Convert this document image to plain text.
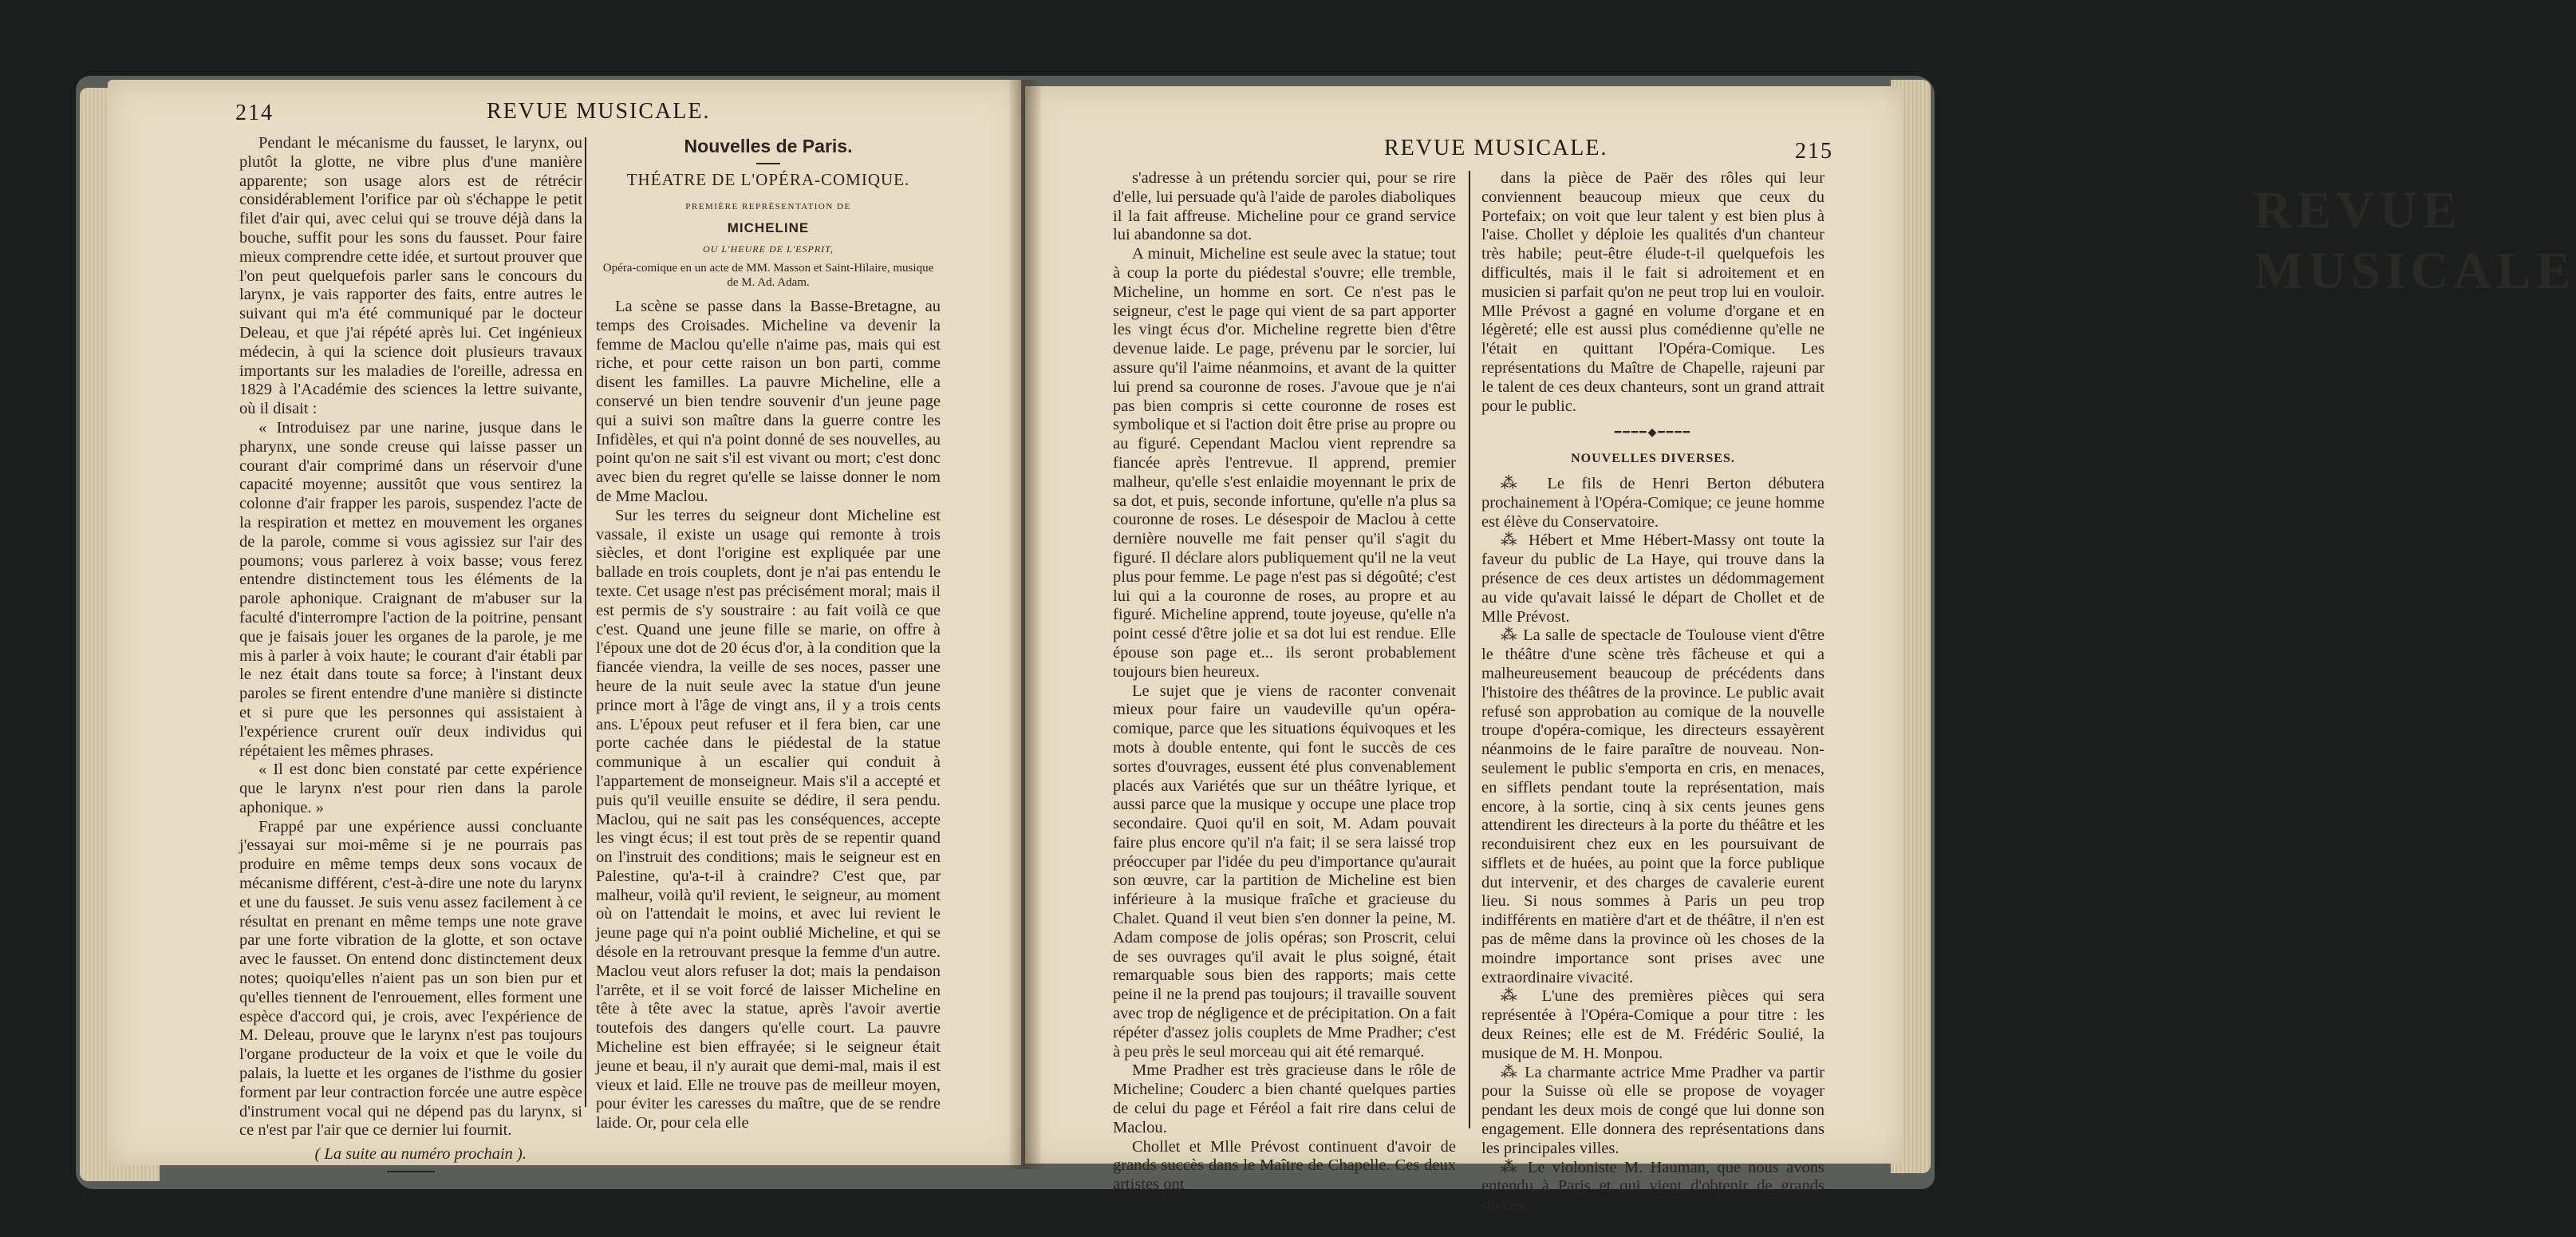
214	REVUE MUSICALE.

Pendant le mécanisme du fausset, le larynx, ou plutôt la glotte, ne vibre plus d'une manière apparente; son usage alors est de rétrécir considérablement l'orifice par où s'échappe le petit filet d'air qui, avec celui qui se trouve déjà dans la bouche, suffit pour les sons du fausset. Pour faire mieux comprendre cette idée, et surtout prouver que l'on peut quelquefois parler sans le concours du larynx, je vais rapporter des faits, entre autres le suivant qui m'a été communiqué par le docteur Deleau, et que j'ai répété après lui. Cet ingénieux médecin, à qui la science doit plusieurs travaux importants sur les maladies de l'oreille, adressa en 1829 à l'Académie des sciences la lettre suivante, où il disait :

« Introduisez par une narine, jusque dans le pharynx, une sonde creuse qui laisse passer un courant d'air comprimé dans un réservoir d'une capacité moyenne; aussitôt que vous sentirez la colonne d'air frapper les parois, suspendez l'acte de la respiration et mettez en mouvement les organes de la parole, comme si vous agissiez sur l'air des poumons; vous parlerez à voix basse; vous ferez entendre distinctement tous les éléments de la parole aphonique. Craignant de m'abuser sur la faculté d'interrompre l'action de la poitrine, pensant que je faisais jouer les organes de la parole, je me mis à parler à voix haute; le courant d'air établi par le nez était dans toute sa force; à l'instant deux paroles se firent entendre d'une manière si distincte et si pure que les personnes qui assistaient à l'expérience crurent ouïr deux individus qui répétaient les mêmes phrases.

« Il est donc bien constaté par cette expérience que le larynx n'est pour rien dans la parole aphonique. »

Frappé par une expérience aussi concluante j'essayai sur moi-même si je ne pourrais pas produire en même temps deux sons vocaux de mécanisme différent, c'est-à-dire une note du larynx et une du fausset. Je suis venu assez facilement à ce résultat en prenant en même temps une note grave par une forte vibration de la glotte, et son octave avec le fausset. On entend donc distinctement deux notes; quoiqu'elles n'aient pas un son bien pur et qu'elles tiennent de l'enrouement, elles forment une espèce d'accord qui, je crois, avec l'expérience de M. Deleau, prouve que le larynx n'est pas toujours l'organe producteur de la voix et que le voile du palais, la luette et les organes de l'isthme du gosier forment par leur contraction forcée une autre espèce d'instrument vocal qui ne dépend pas du larynx, si ce n'est par l'air que ce dernier lui fournit.

( La suite au numéro prochain ).

Nouvelles de Paris.

THÉATRE DE L'OPÉRA-COMIQUE.

PREMIÈRE REPRÉSENTATION DE

MICHELINE

OU L'HEURE DE L'ESPRIT,

Opéra-comique en un acte de MM. Masson et Saint-Hilaire, musique de M. Ad. Adam.

La scène se passe dans la Basse-Bretagne, au temps des Croisades. Micheline va devenir la femme de Maclou qu'elle n'aime pas, mais qui est riche, et pour cette raison un bon parti, comme disent les familles. La pauvre Micheline, elle a conservé un bien tendre souvenir d'un jeune page qui a suivi son maître dans la guerre contre les Infidèles, et qui n'a point donné de ses nouvelles, au point qu'on ne sait s'il est vivant ou mort; c'est donc avec bien du regret qu'elle se laisse donner le nom de Mme Maclou.

Sur les terres du seigneur dont Micheline est vassale, il existe un usage qui remonte à trois siècles, et dont l'origine est expliquée par une ballade en trois couplets, dont je n'ai pas entendu le texte. Cet usage n'est pas précisément moral; mais il est permis de s'y soustraire : au fait voilà ce que c'est. Quand une jeune fille se marie, on offre à l'époux une dot de 20 écus d'or, à la condition que la fiancée viendra, la veille de ses noces, passer une heure de la nuit seule avec la statue d'un jeune prince mort à l'âge de vingt ans, il y a trois cents ans. L'époux peut refuser et il fera bien, car une porte cachée dans le piédestal de la statue communique à un escalier qui conduit à l'appartement de monseigneur. Mais s'il a accepté et puis qu'il veuille ensuite se dédire, il sera pendu. Maclou, qui ne sait pas les conséquences, accepte les vingt écus; il est tout près de se repentir quand on l'instruit des conditions; mais le seigneur est en Palestine, qu'a-t-il à craindre? C'est que, par malheur, voilà qu'il revient, le seigneur, au moment où on l'attendait le moins, et avec lui revient le jeune page qui n'a point oublié Micheline, et qui se désole en la retrouvant presque la femme d'un autre. Maclou veut alors refuser la dot; mais la pendaison l'arrête, et il se voit forcé de laisser Micheline en tête à tête avec la statue, après l'avoir avertie toutefois des dangers qu'elle court. La pauvre Micheline est bien effrayée; si le seigneur était jeune et beau, il n'y aurait que demi-mal, mais il est vieux et laid. Elle ne trouve pas de meilleur moyen, pour éviter les caresses du maître, que de se rendre laide. Or, pour cela elle

REVUE MUSICALE

REVUE MUSICALE.	215

s'adresse à un prétendu sorcier qui, pour se rire d'elle, lui persuade qu'à l'aide de paroles diaboliques il la fait affreuse. Micheline pour ce grand service lui abandonne sa dot.

A minuit, Micheline est seule avec la statue; tout à coup la porte du piédestal s'ouvre; elle tremble, Micheline, un homme en sort. Ce n'est pas le seigneur, c'est le page qui vient de sa part apporter les vingt écus d'or. Micheline regrette bien d'être devenue laide. Le page, prévenu par le sorcier, lui assure qu'il l'aime néanmoins, et avant de la quitter lui prend sa couronne de roses. J'avoue que je n'ai pas bien compris si cette couronne de roses est symbolique et si l'action doit être prise au propre ou au figuré. Cependant Maclou vient reprendre sa fiancée après l'entrevue. Il apprend, premier malheur, qu'elle s'est enlaidie moyennant le prix de sa dot, et puis, seconde infortune, qu'elle n'a plus sa couronne de roses. Le désespoir de Maclou à cette dernière nouvelle me fait penser qu'il s'agit du figuré. Il déclare alors publiquement qu'il ne la veut plus pour femme. Le page n'est pas si dégoûté; c'est lui qui a la couronne de roses, au propre et au figuré. Micheline apprend, toute joyeuse, qu'elle n'a point cessé d'être jolie et sa dot lui est rendue. Elle épouse son page et... ils seront probablement toujours bien heureux.

Le sujet que je viens de raconter convenait mieux pour faire un vaudeville qu'un opéra-comique, parce que les situations équivoques et les mots à double entente, qui font le succès de ces sortes d'ouvrages, eussent été plus convenablement placés aux Variétés que sur un théâtre lyrique, et aussi parce que la musique y occupe une place trop secondaire. Quoi qu'il en soit, M. Adam pouvait faire plus encore qu'il n'a fait; il se sera laissé trop préoccuper par l'idée du peu d'importance qu'aurait son œuvre, car la partition de Micheline est bien inférieure à la musique fraîche et gracieuse du Chalet. Quand il veut bien s'en donner la peine, M. Adam compose de jolis opéras; son Proscrit, celui de ses ouvrages qu'il avait le plus soigné, était remarquable sous bien des rapports; mais cette peine il ne la prend pas toujours; il travaille souvent avec trop de négligence et de précipitation. On a fait répéter d'assez jolis couplets de Mme Pradher; c'est à peu près le seul morceau qui ait été remarqué.

Mme Pradher est très gracieuse dans le rôle de Micheline; Couderc a bien chanté quelques parties de celui du page et Féréol a fait rire dans celui de Maclou.

Chollet et Mlle Prévost continuent d'avoir de grands succès dans le Maître de Chapelle. Ces deux artistes ont

dans la pièce de Paër des rôles qui leur conviennent beaucoup mieux que ceux du Portefaix; on voit que leur talent y est bien plus à l'aise. Chollet y déploie les qualités d'un chanteur très habile; peut-être élude-t-il quelquefois les difficultés, mais il le fait si adroitement et en musicien si parfait qu'on ne peut trop lui en vouloir. Mlle Prévost a gagné en volume d'organe et en légèreté; elle est aussi plus comédienne qu'elle ne l'était en quittant l'Opéra-Comique. Les représentations du Maître de Chapelle, rajeuni par le talent de ces deux chanteurs, sont un grand attrait pour le public.

━━━━◆━━━━

NOUVELLES DIVERSES.

⁂ Le fils de Henri Berton débutera prochainement à l'Opéra-Comique; ce jeune homme est élève du Conservatoire.

⁂ Hébert et Mme Hébert-Massy ont toute la faveur du public de La Haye, qui trouve dans la présence de ces deux artistes un dédommagement au vide qu'avait laissé le départ de Chollet et de Mlle Prévost.

⁂ La salle de spectacle de Toulouse vient d'être le théâtre d'une scène très fâcheuse et qui a malheureusement beaucoup de précédents dans l'histoire des théâtres de la province. Le public avait refusé son approbation au comique de la nouvelle troupe d'opéra-comique, les directeurs essayèrent néanmoins de le faire paraître de nouveau. Non-seulement le public s'emporta en cris, en menaces, en sifflets pendant toute la représentation, mais encore, à la sortie, cinq à six cents jeunes gens attendirent les directeurs à la porte du théâtre et les reconduisirent chez eux en les poursuivant de sifflets et de huées, au point que la force publique dut intervenir, et des charges de cavalerie eurent lieu. Si nous sommes à Paris un peu trop indifférents en matière d'art et de théâtre, il n'en est pas de même dans la province où les choses de la moindre importance sont prises avec une extraordinaire vivacité.

⁂ L'une des premières pièces qui sera représentée à l'Opéra-Comique a pour titre : les deux Reines; elle est de M. Frédéric Soulié, la musique de M. H. Monpou.

⁂ La charmante actrice Mme Pradher va partir pour la Suisse où elle se propose de voyager pendant les deux mois de congé que lui donne son engagement. Elle donnera des représentations dans les principales villes.

⁂ Le violoniste M. Hauman, que nous avons entendu à Paris et qui vient d'obtenir de grands succès
